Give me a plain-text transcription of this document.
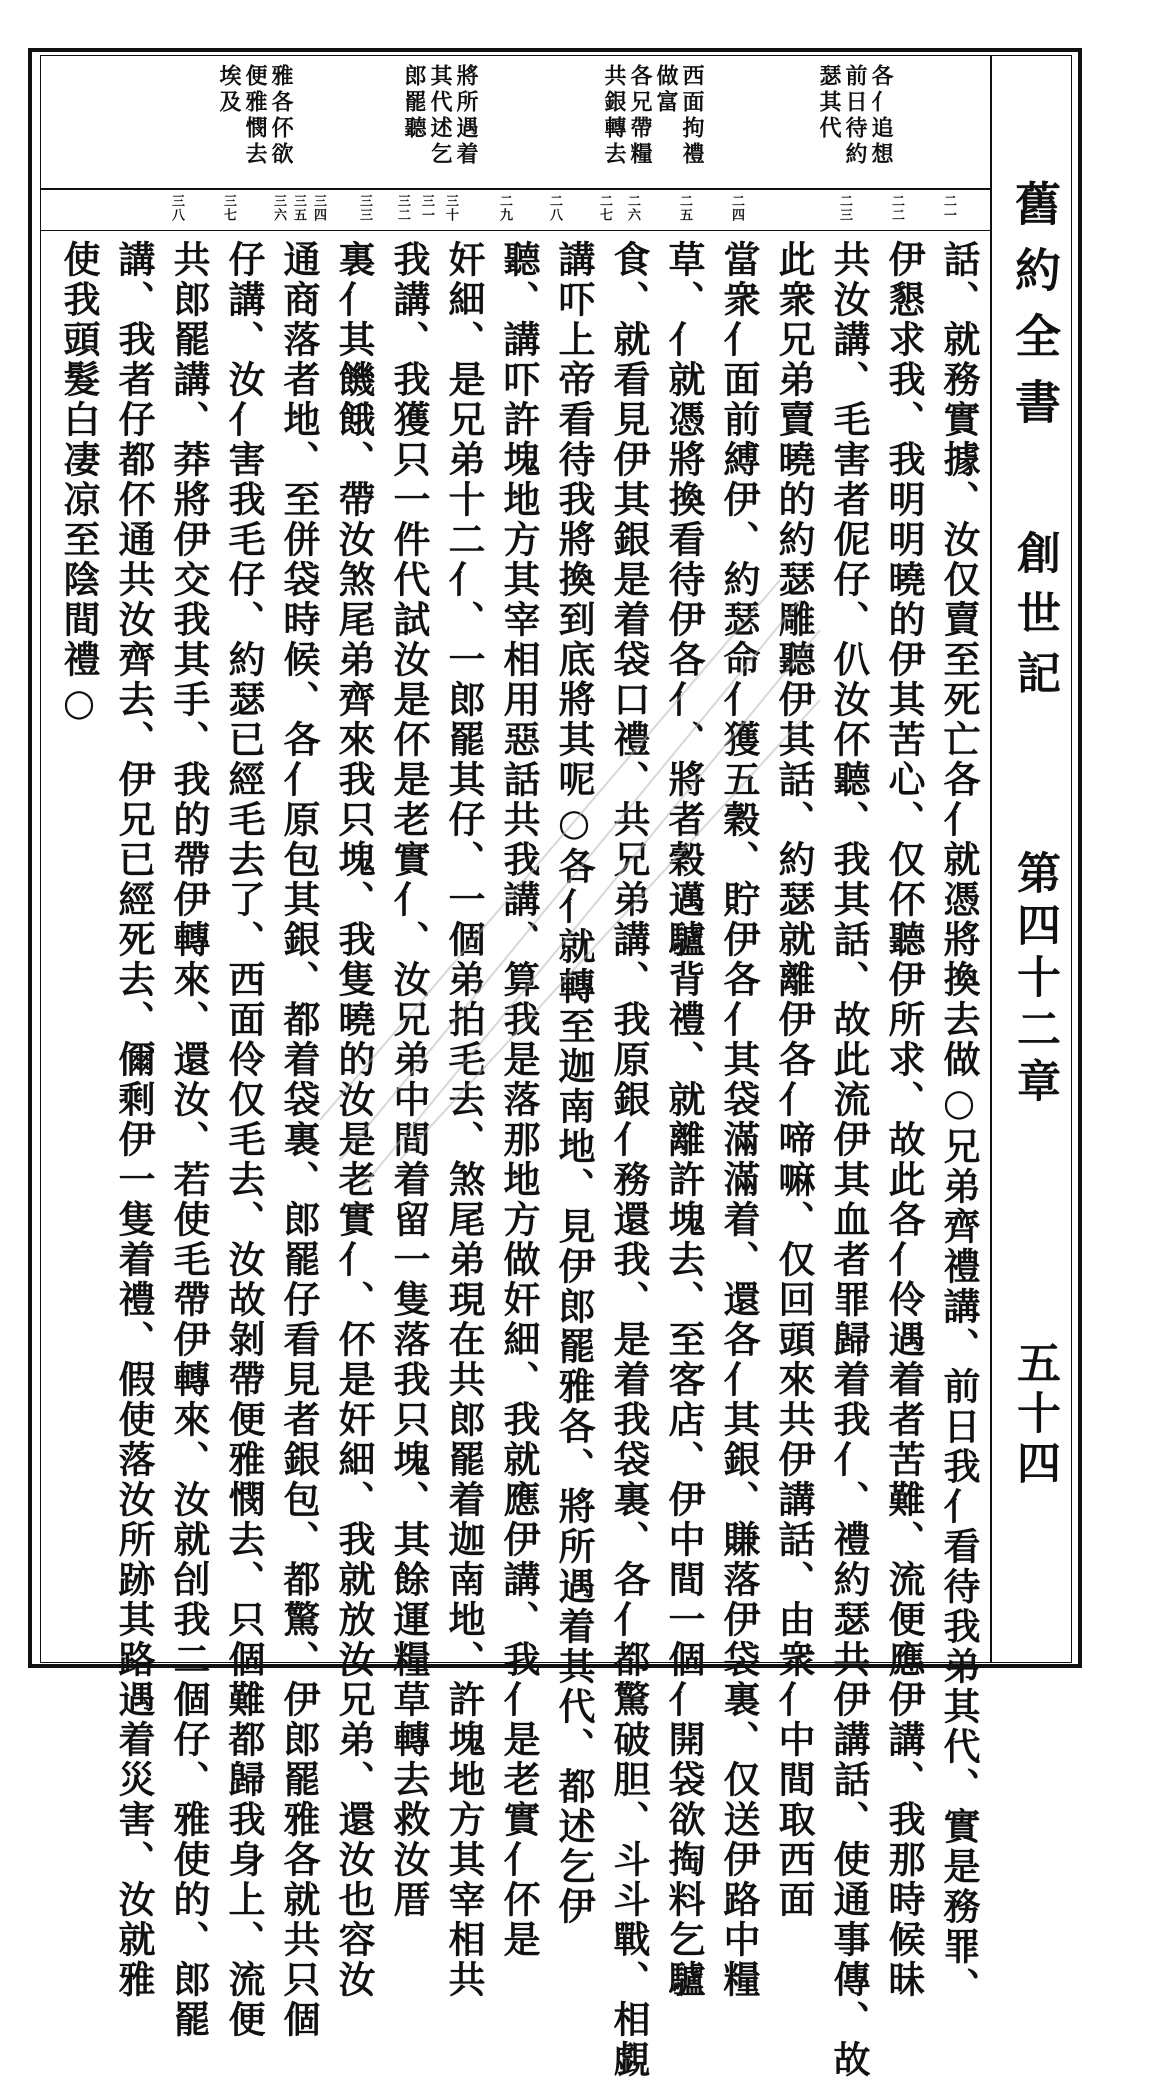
舊約全書
創世記
第四十二章
五十四
各亻追想
前日待約
瑟其代
西面拘禮
做富
各兄帶糧
共銀轉去
將所遇着
其代述乞
郎罷聽
雅各伓欲
便雅憫去
埃及
二一
二二
二三
二四
二五
二六
二七
二八
二九
三十
三一
三二
三三
三四
三五
三六
三七
三八
話、就務實據、汝仅賣至死亡各亻就憑將換去做○兄弟齊禮講、前日我亻看待我弟其代、實是務罪、
伊懇求我、我明明曉的伊其苦心、仅伓聽伊所求、故此各亻伶遇着者苦難、流便應伊講、我那時候昧
共汝講、毛害者伲仔、仈汝伓聽、我其話、故此流伊其血者罪歸着我亻、禮約瑟共伊講話、使通事傳、故
此衆兄弟賣曉的約瑟雕聽伊其話、約瑟就離伊各亻啼嘛、仅回頭來共伊講話、由衆亻中間取西面
當衆亻面前縛伊、約瑟命亻獲五穀、貯伊各亻其袋滿滿着、還各亻其銀、賺落伊袋裏、仅送伊路中糧
草、亻就憑將換看待伊各亻、將者穀邁驢背禮、就離許塊去、至客店、伊中間一個亻開袋欲掏料乞驢
食、就看見伊其銀是着袋口禮、共兄弟講、我原銀亻務還我、是着我袋裏、各亻都驚破胆、斗斗戰、相覷
講吓上帝看待我將換到底將其呢○各亻就轉至迦南地、見伊郎罷雅各、將所遇着其代、都述乞伊
聽、講吓許塊地方其宰相用惡話共我講、算我是落那地方做奸細、我就應伊講、我亻是老實亻伓是
奸細、是兄弟十二亻、一郎罷其仔、一個弟拍毛去、煞尾弟現在共郎罷着迦南地、許塊地方其宰相共
我講、我獲只一件代試汝是伓是老實亻、汝兄弟中間着留一隻落我只塊、其餘運糧草轉去救汝厝
裏亻其饑餓、帶汝煞尾弟齊來我只塊、我隻曉的汝是老實亻、伓是奸細、我就放汝兄弟、還汝也容汝
通商落者地、至併袋時候、各亻原包其銀、都着袋裏、郎罷仔看見者銀包、都驚、伊郎罷雅各就共只個
仔講、汝亻害我毛仔、約瑟已經毛去了、西面伶仅毛去、汝故剝帶便雅憫去、只個難都歸我身上、流便
共郎罷講、莽將伊交我其手、我的帶伊轉來、還汝、若使毛帶伊轉來、汝就刣我二個仔、雅使的、郎罷
講、我者仔都伓通共汝齊去、伊兄已經死去、儞剩伊一隻着禮、假使落汝所跡其路遇着災害、汝就雅
使我頭髮白凄凉至陰間禮○
